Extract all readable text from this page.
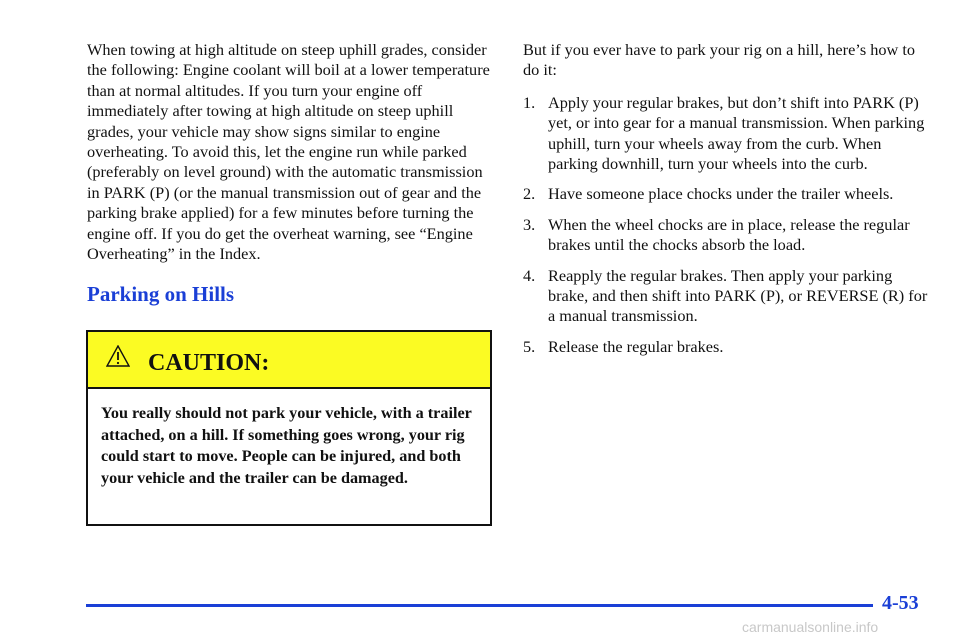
When towing at high altitude on steep uphill grades, consider the following: Engine coolant will boil at a lower temperature than at normal altitudes. If you turn your engine off immediately after towing at high altitude on steep uphill grades, your vehicle may show signs similar to engine overheating. To avoid this, let the engine run while parked (preferably on level ground) with the automatic transmission in PARK (P) (or the manual transmission out of gear and the parking brake applied) for a few minutes before turning the engine off. If you do get the overheat warning, see “Engine Overheating” in the Index.

Parking on Hills
CAUTION:

You really should not park your vehicle, with a trailer attached, on a hill. If something goes wrong, your rig could start to move. People can be injured, and both your vehicle and the trailer can be damaged.

But if you ever have to park your rig on a hill, here’s how to do it:

1. Apply your regular brakes, but don’t shift into PARK (P) yet, or into gear for a manual transmission. When parking uphill, turn your wheels away from the curb. When parking downhill, turn your wheels into the curb.
2. Have someone place chocks under the trailer wheels.
3. When the wheel chocks are in place, release the regular brakes until the chocks absorb the load.
4. Reapply the regular brakes. Then apply your parking brake, and then shift into PARK (P), or REVERSE (R) for a manual transmission.
5. Release the regular brakes.
4-53
carmanualsonline.info
